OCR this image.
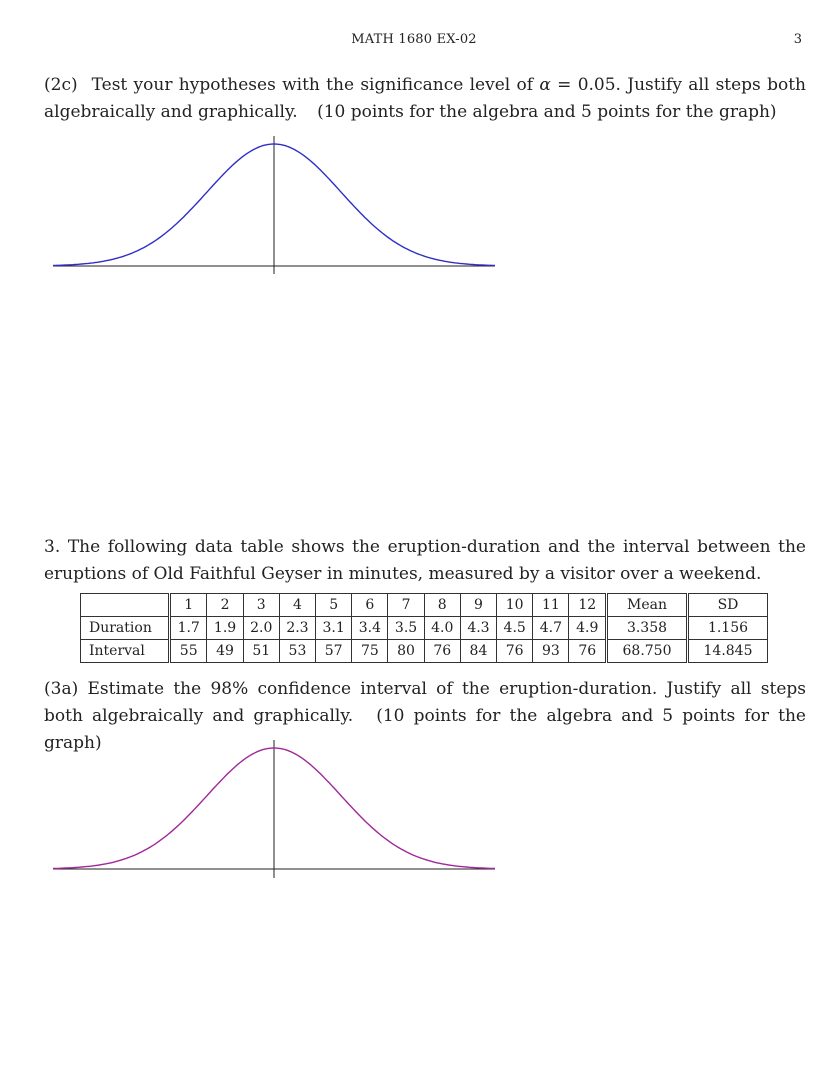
MATH 1680 EX-02	3
(2c) Test your hypotheses with the significance level of α = 0.05. Justify all steps both algebraically and graphically. (10 points for the algebra and 5 points for the graph)
3. The following data table shows the eruption-duration and the interval between the eruptions of Old Faithful Geyser in minutes, measured by a visitor over a weekend.
	1	2	3	4	5	6	7	8	9	10	11	12	Mean	SD
Duration	1.7	1.9	2.0	2.3	3.1	3.4	3.5	4.0	4.3	4.5	4.7	4.9	3.358	1.156
Interval	55	49	51	53	57	75	80	76	84	76	93	76	68.750	14.845
(3a) Estimate the 98% confidence interval of the eruption-duration. Justify all steps both algebraically and graphically. (10 points for the algebra and 5 points for the graph)
